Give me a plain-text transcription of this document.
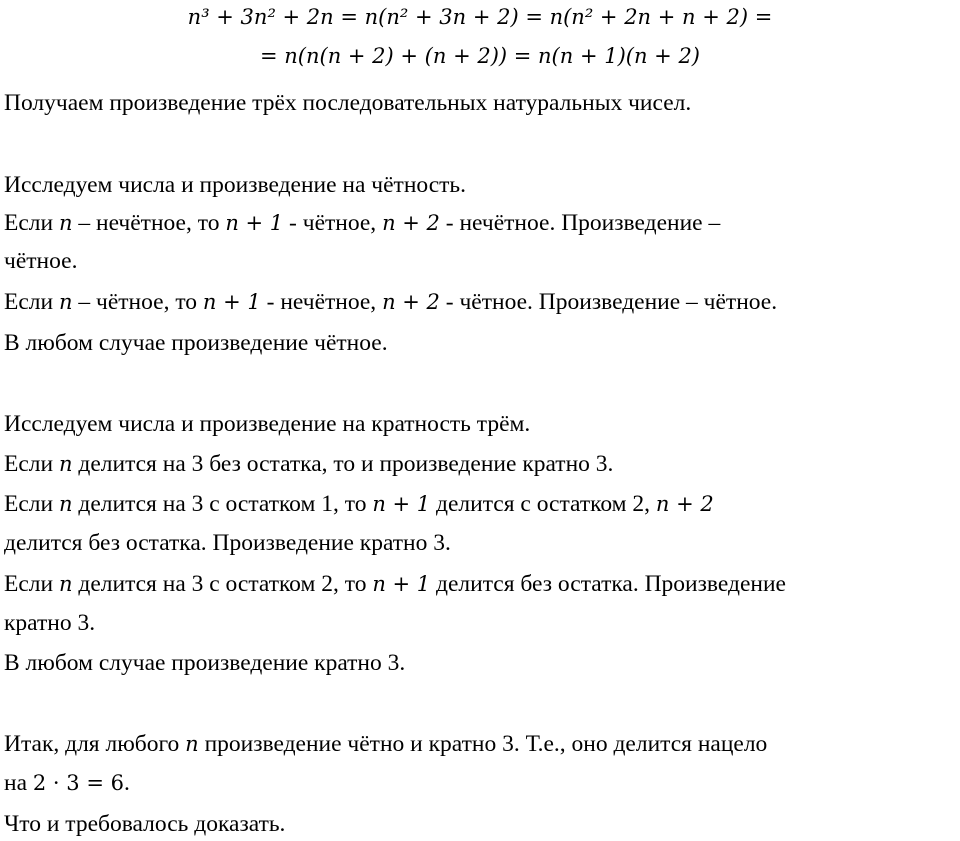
n³ + 3n² + 2n = n(n² + 3n + 2) = n(n² + 2n + n + 2) =
= n(n(n + 2) + (n + 2)) = n(n + 1)(n + 2)
Получаем произведение трёх последовательных натуральных чисел.
Исследуем числа и произведение на чётность.
Если n – нечётное, то n + 1 - чётное, n + 2 - нечётное. Произведение –
чётное.
Если n – чётное, то n + 1 - нечётное, n + 2 - чётное. Произведение – чётное.
В любом случае произведение чётное.
Исследуем числа и произведение на кратность трём.
Если n делится на 3 без остатка, то и произведение кратно 3.
Если n делится на 3 с остатком 1, то n + 1 делится с остатком 2, n + 2
делится без остатка. Произведение кратно 3.
Если n делится на 3 с остатком 2, то n + 1 делится без остатка. Произведение
кратно 3.
В любом случае произведение кратно 3.
Итак, для любого n произведение чётно и кратно 3. Т.е., оно делится нацело
на 2 · 3 = 6.
Что и требовалось доказать.
